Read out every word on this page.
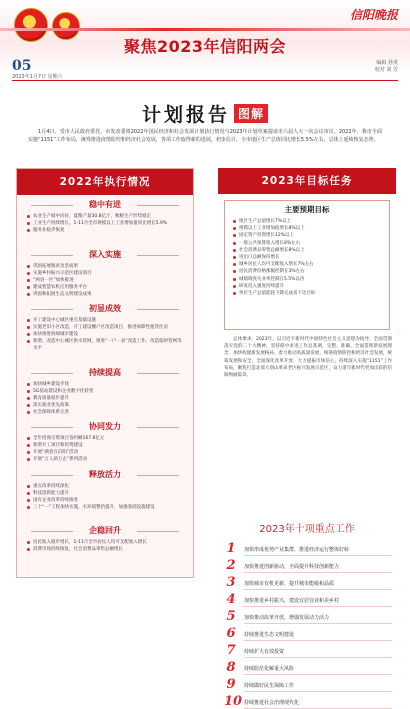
信阳晚报
聚焦2023年信阳两会
05
2023年1月7日 星期六
编辑 孙英
校对 刘 芳
计划报告 图解
1月4日，受市人民政府委托，市发改委将2022年国民经济和社会发展计划执行情况与2023年计划草案提请市六届人大一次会议审议。2022年，我市全面实施“1151”工作布局，统筹推进疫情防控和经济社会发展，各项工作取得新的进展，初步估计，全市地区生产总值同比增长5.5%左右，总体上延续恢复态势。
2022年执行情况
稳中有进
农业生产稳中向好，夏粮产量30.8亿斤，秋粮生产形势稳定
工业生产持续增长，1-11月全市规模以上工业增加值同比增长5.9%
服务业稳步恢复
深入实施
巩固拓展脱贫攻坚成果
实施乡村振兴示范区建设项目
“两县一区”加快推进
建成智慧农机应用服务平台
巩固和拓展生态文明建设成果
初显成效
开工建设中心城区重点基础设施
实施老旧小区改造，开工建设棚户区改造项目，推进保障性租赁住房
加快推进海绵城市建设
新增、改造中心城区供水管网，推进“一户一表”改造工作，改造临时管网等水平
持续提高
加快城乡建设步伐
5G基站建设和企业数字化转型
教育质量稳步提升
落实就业优先政策
社会保障体系完善
协同发力
全年招商引资项目签约额167.8亿元
新增开工项目和投资建设
开展“满意在信阳”活动
开展“万人助万企”系列活动
释放活力
重点改革持续深化
科技创新能力提升
国有企业改革持续推进
三个“一”工程加快实施，水环境整治提升，加强基础设施建设
企稳回升
居民收入稳步增长，1-11月全市居民人均可支配收入增长
消费市场持续恢复，社会消费品零售总额增长
2023年目标任务
主要预期目标
地区生产总值增长7%以上
规模以上工业增加值增长8%以上
固定资产投资增长12%以上
一般公共预算收入增长8%左右
社会消费品零售总额增长8%以上
进出口总额保持增长
城乡居民人均可支配收入增长7%左右
居民消费价格涨幅控制在3%左右
城镇调查失业率控制在5.5%以内
研发投入强度持续提升
单位生产总值能耗下降完成省下达目标
总体要求：2023年，以习近平新时代中国特色社会主义思想为指导，全面贯彻落实党的二十大精神，坚持稳中求进工作总基调，完整、准确、全面贯彻新发展理念，加快构建新发展格局，着力推动高质量发展，统筹疫情防控和经济社会发展，统筹发展和安全，全面深化改革开放，大力提振市场信心，持续深入实施“1151”工作布局，聚焦打造北部大别山革命老区振兴发展示范区，奋力谱写新时代更加出彩的信阳绚丽篇章。
2023年十项重点工作
1	加快形成优势产业集群，推进经济运行整体好转
2	加快推进创新驱动，全面提升科技创新能力
3	加快城市有机更新，提升城市能级和品质
4	加快推进乡村振兴，建设宜居宜业和美乡村
5	加快推动改革开放，增强发展动力活力
6	持续推进生态文明建设
7	持续扩大有效投资
8	持续防范化解重大风险
9	持续做好民生保障工作
10 持续推进社会治理现代化
